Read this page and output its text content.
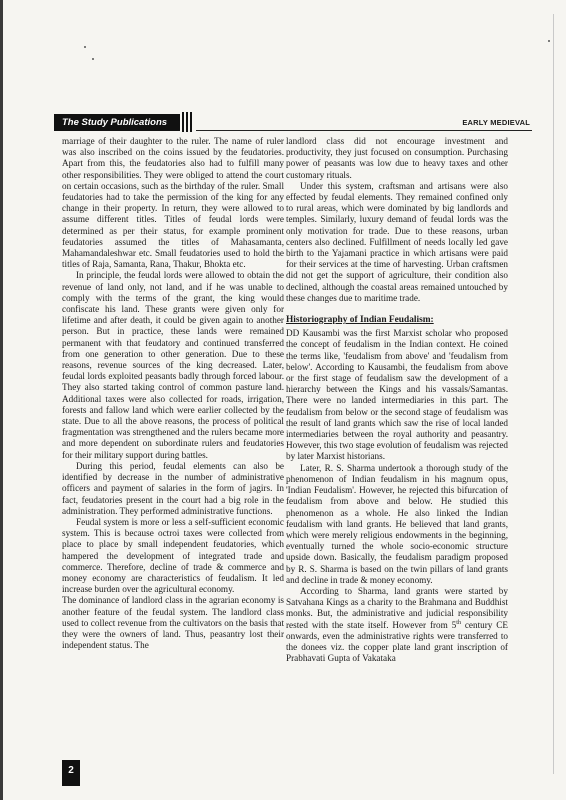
The Study Publications	EARLY MEDIEVAL

marriage of their daughter to the ruler. The name of ruler was also inscribed on the coins issued by the feudatories. Apart from this, the feudatories also had to fulfill many other responsibilities. They were obliged to attend the court on certain occasions, such as the birthday of the ruler. Small feudatories had to take the permission of the king for any change in their property. In return, they were allowed to assume different titles. Titles of feudal lords were determined as per their status, for example prominent feudatories assumed the titles of Mahasamanta, Mahamandaleshwar etc. Small feudatories used to hold the titles of Raja, Samanta, Rana, Thakur, Bhokta etc.

In principle, the feudal lords were allowed to obtain the revenue of land only, not land, and if he was unable to comply with the terms of the grant, the king would confiscate his land. These grants were given only for lifetime and after death, it could be given again to another person. But in practice, these lands were remained permanent with that feudatory and continued transferred from one generation to other generation. Due to these reasons, revenue sources of the king decreased. Later, feudal lords exploited peasants badly through forced labour. They also started taking control of common pasture land. Additional taxes were also collected for roads, irrigation, forests and fallow land which were earlier collected by the state. Due to all the above reasons, the process of political fragmentation was strengthened and the rulers became more and more dependent on subordinate rulers and feudatories for their military support during battles.

During this period, feudal elements can also be identified by decrease in the number of administrative officers and payment of salaries in the form of jagirs. In fact, feudatories present in the court had a big role in the administration. They performed administrative functions.

Feudal system is more or less a self-sufficient economic system. This is because octroi taxes were collected from place to place by small independent feudatories, which hampered the development of integrated trade and commerce. Therefore, decline of trade & commerce and money economy are characteristics of feudalism. It led increase burden over the agricultural economy.

The dominance of landlord class in the agrarian economy is another feature of the feudal system. The landlord class used to collect revenue from the cultivators on the basis that they were the owners of land. Thus, peasantry lost their independent status. The

landlord class did not encourage investment and productivity, they just focused on consumption. Purchasing power of peasants was low due to heavy taxes and other customary rituals.

Under this system, craftsman and artisans were also effected by feudal elements. They remained confined only to rural areas, which were dominated by big landlords and temples. Similarly, luxury demand of feudal lords was the only motivation for trade. Due to these reasons, urban centers also declined. Fulfillment of needs locally led gave birth to the Yajamani practice in which artisans were paid for their services at the time of harvesting. Urban craftsmen did not get the support of agriculture, their condition also declined, although the coastal areas remained untouched by these changes due to maritime trade.

Historiography of Indian Feudalism:

DD Kausambi was the first Marxist scholar who proposed the concept of feudalism in the Indian context. He coined the terms like, 'feudalism from above' and 'feudalism from below'. According to Kausambi, the feudalism from above or the first stage of feudalism saw the development of a hierarchy between the Kings and his vassals/Samantas. There were no landed intermediaries in this part. The feudalism from below or the second stage of feudalism was the result of land grants which saw the rise of local landed intermediaries between the royal authority and peasantry. However, this two stage evolution of feudalism was rejected by later Marxist historians.

Later, R. S. Sharma undertook a thorough study of the phenomenon of Indian feudalism in his magnum opus, 'Indian Feudalism'. However, he rejected this bifurcation of feudalism from above and below. He studied this phenomenon as a whole. He also linked the Indian feudalism with land grants. He believed that land grants, which were merely religious endowments in the beginning, eventually turned the whole socio-economic structure upside down. Basically, the feudalism paradigm proposed by R. S. Sharma is based on the twin pillars of land grants and decline in trade & money economy.

According to Sharma, land grants were started by Satvahana Kings as a charity to the Brahmana and Buddhist monks. But, the administrative and judicial responsibility rested with the state itself. However from 5th century CE onwards, even the administrative rights were transferred to the donees viz. the copper plate land grant inscription of Prabhavati Gupta of Vakataka

2
